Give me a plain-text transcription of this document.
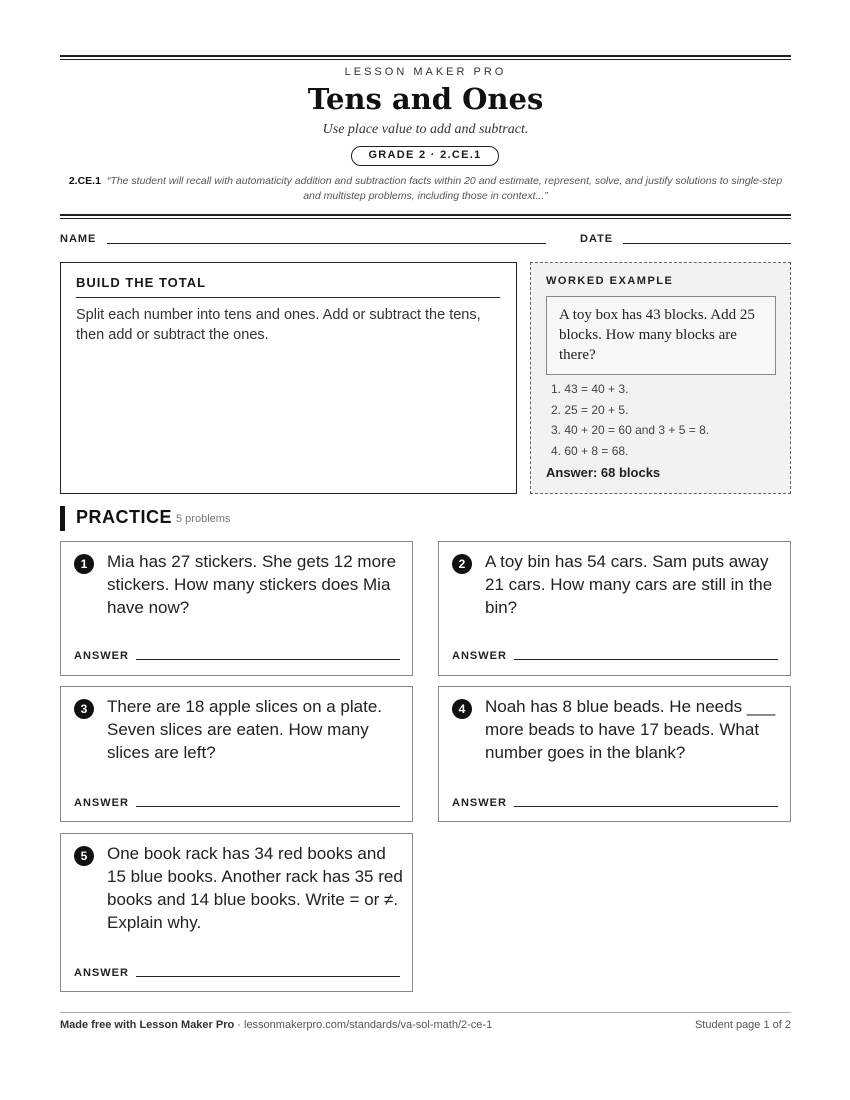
LESSON MAKER PRO
Tens and Ones
Use place value to add and subtract.
GRADE 2 · 2.CE.1
2.CE.1 “The student will recall with automaticity addition and subtraction facts within 20 and estimate, represent, solve, and justify solutions to single-step and multistep problems, including those in context...”
NAME	DATE
BUILD THE TOTAL
Split each number into tens and ones. Add or subtract the tens, then add or subtract the ones.
WORKED EXAMPLE
A toy box has 43 blocks. Add 25 blocks. How many blocks are there?
1. 43 = 40 + 3.
2. 25 = 20 + 5.
3. 40 + 20 = 60 and 3 + 5 = 8.
4. 60 + 8 = 68.
Answer: 68 blocks
PRACTICE 5 problems
1	Mia has 27 stickers. She gets 12 more stickers. How many stickers does Mia have now?
ANSWER
2	A toy bin has 54 cars. Sam puts away 21 cars. How many cars are still in the bin?
ANSWER
3	There are 18 apple slices on a plate. Seven slices are eaten. How many slices are left?
ANSWER
4	Noah has 8 blue beads. He needs ___ more beads to have 17 beads. What number goes in the blank?
ANSWER
5	One book rack has 34 red books and 15 blue books. Another rack has 35 red books and 14 blue books. Write = or ≠. Explain why.
ANSWER
Made free with Lesson Maker Pro · lessonmakerpro.com/standards/va-sol-math/2-ce-1	Student page 1 of 2
